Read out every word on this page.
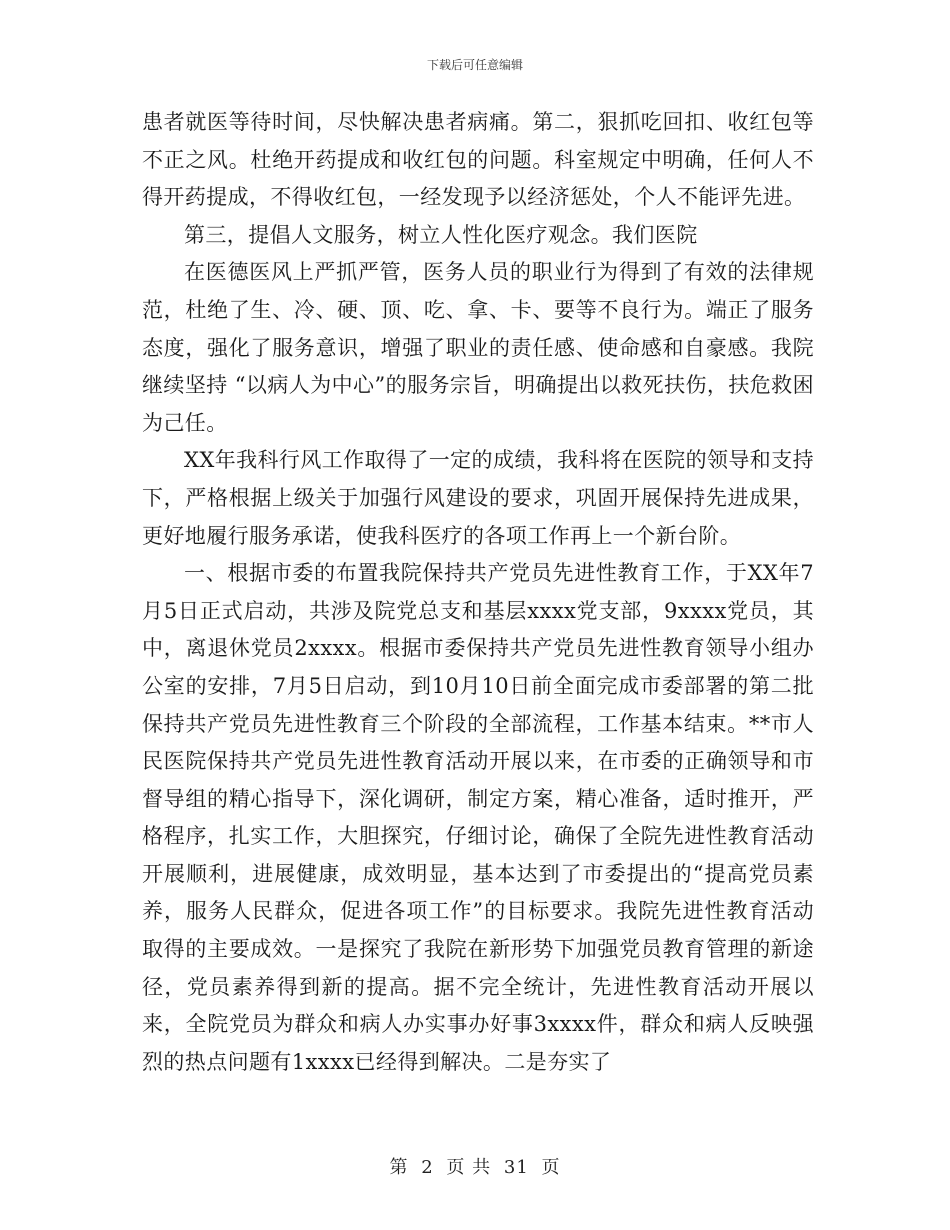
下载后可任意编辑

患者就医等待时间，尽快解决患者病痛。第二，狠抓吃回扣、收红包等不正之风。杜绝开药提成和收红包的问题。科室规定中明确，任何人不得开药提成，不得收红包，一经发现予以经济惩处，个人不能评先进。

第三，提倡人文服务，树立人性化医疗观念。我们医院

在医德医风上严抓严管，医务人员的职业行为得到了有效的法律规范，杜绝了生、冷、硬、顶、吃、拿、卡、要等不良行为。端正了服务态度，强化了服务意识，增强了职业的责任感、使命感和自豪感。我院继续坚持 “以病人为中心”的服务宗旨，明确提出以救死扶伤，扶危救困为己任。

XX年我科行风工作取得了一定的成绩，我科将在医院的领导和支持下，严格根据上级关于加强行风建设的要求，巩固开展保持先进成果，更好地履行服务承诺，使我科医疗的各项工作再上一个新台阶。

一、根据市委的布置我院保持共产党员先进性教育工作，于XX年7月5日正式启动，共涉及院党总支和基层xxxx党支部，9xxxx党员，其中，离退休党员2xxxx。根据市委保持共产党员先进性教育领导小组办公室的安排，7月5日启动，到10月10日前全面完成市委部署的第二批保持共产党员先进性教育三个阶段的全部流程，工作基本结束。**市人民医院保持共产党员先进性教育活动开展以来，在市委的正确领导和市督导组的精心指导下，深化调研，制定方案，精心准备，适时推开，严格程序，扎实工作，大胆探究，仔细讨论，确保了全院先进性教育活动开展顺利，进展健康，成效明显，基本达到了市委提出的“提高党员素养，服务人民群众，促进各项工作”的目标要求。我院先进性教育活动取得的主要成效。一是探究了我院在新形势下加强党员教育管理的新途径，党员素养得到新的提高。据不完全统计，先进性教育活动开展以来，全院党员为群众和病人办实事办好事3xxxx件，群众和病人反映强烈的热点问题有1xxxx已经得到解决。二是夯实了

第 2 页 共 31 页
